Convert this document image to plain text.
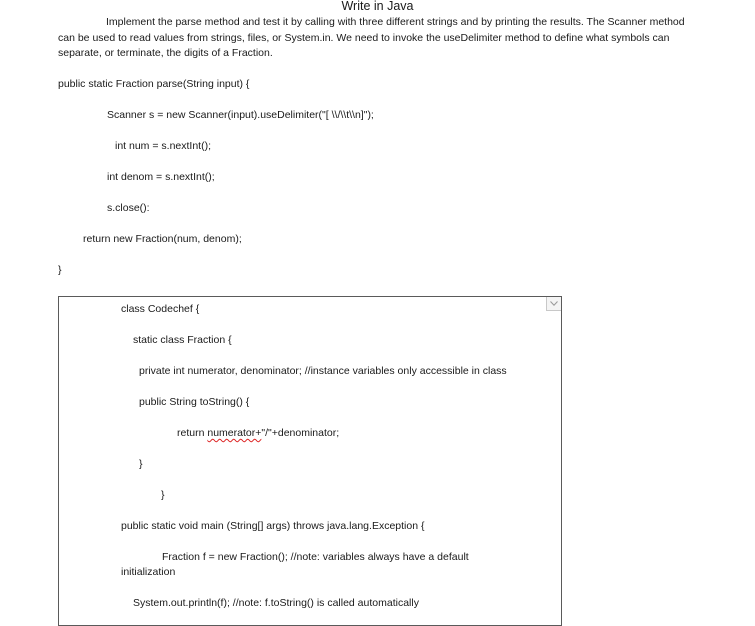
Write in Java
Implement the parse method and test it by calling with three different strings and by printing the results. The Scanner method can be used to read values from strings, files, or System.in. We need to invoke the useDelimiter method to define what symbols can separate, or terminate, the digits of a Fraction.
public static Fraction parse(String input) {
Scanner s = new Scanner(input).useDelimiter("[ \\/\\t\\n]");
int num = s.nextInt();
int denom = s.nextInt();
s.close():
return new Fraction(num, denom);
}
class Codechef {
static class Fraction {
private int numerator, denominator; //instance variables only accessible in class
public String toString() {
return numerator+"/"+denominator;
}
}
public static void main (String[] args) throws java.lang.Exception {
Fraction f = new Fraction(); //note: variables always have a default
initialization
System.out.println(f); //note: f.toString() is called automatically
